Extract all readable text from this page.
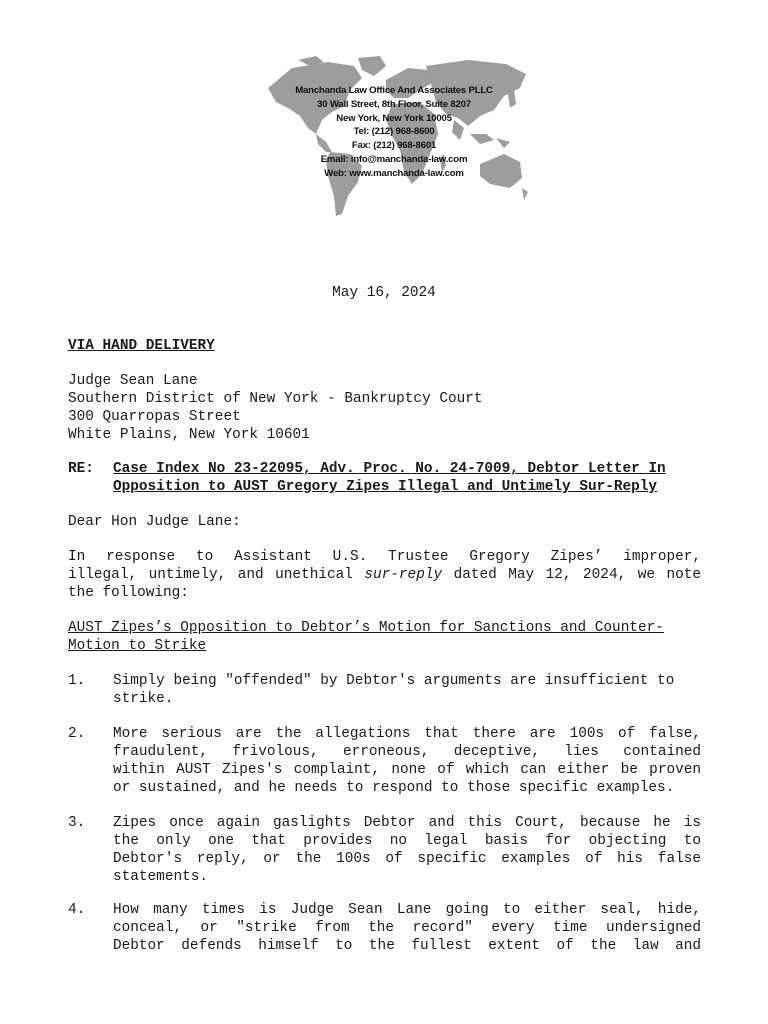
Manchanda Law Office And Associates PLLC
30 Wall Street, 8th Floor, Suite 8207
New York, New York 10005
Tel: (212) 968-8600
Fax: (212) 968-8601
Email: info@manchanda-law.com
Web: www.manchanda-law.com
May 16, 2024
VIA HAND DELIVERY
Judge Sean Lane
Southern District of New York - Bankruptcy Court
300 Quarropas Street
White Plains, New York 10601
RE: Case Index No 23-22095, Adv. Proc. No. 24-7009, Debtor Letter In
Opposition to AUST Gregory Zipes Illegal and Untimely Sur-Reply
Dear Hon Judge Lane:
In response to Assistant U.S. Trustee Gregory Zipes’ improper,
illegal, untimely, and unethical sur-reply dated May 12, 2024, we note
the following:
AUST Zipes’s Opposition to Debtor’s Motion for Sanctions and Counter-
Motion to Strike
1. Simply being "offended" by Debtor's arguments are insufficient to
strike.
2. More serious are the allegations that there are 100s of false,
fraudulent, frivolous, erroneous, deceptive, lies contained
within AUST Zipes's complaint, none of which can either be proven
or sustained, and he needs to respond to those specific examples.
3. Zipes once again gaslights Debtor and this Court, because he is
the only one that provides no legal basis for objecting to
Debtor's reply, or the 100s of specific examples of his false
statements.
4. How many times is Judge Sean Lane going to either seal, hide,
conceal, or "strike from the record" every time undersigned
Debtor defends himself to the fullest extent of the law and
